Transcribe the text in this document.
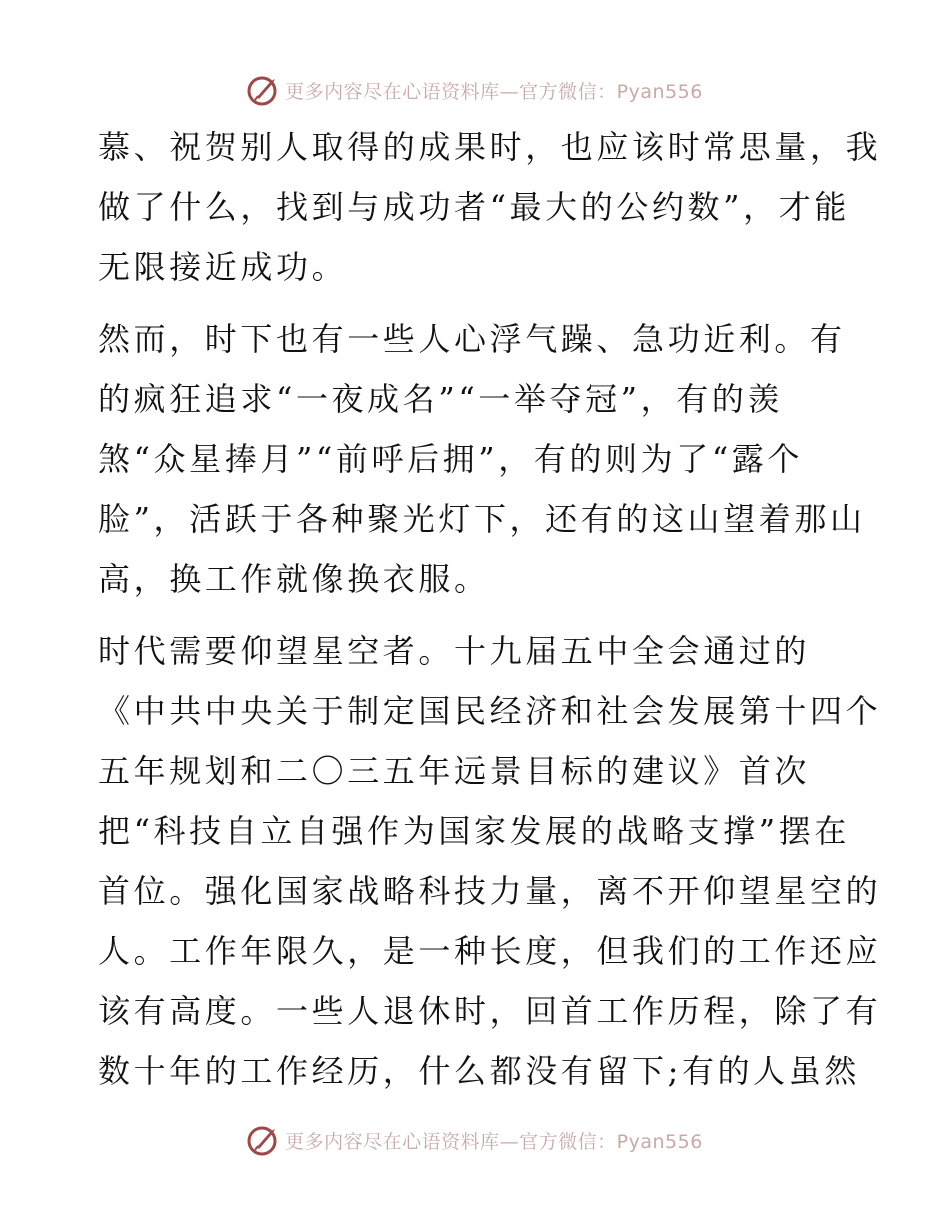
更多内容尽在心语资料库—官方微信：Pyan556
慕、祝贺别人取得的成果时，也应该时常思量，我
做了什么，找到与成功者“最大的公约数”，才能
无限接近成功。
然而，时下也有一些人心浮气躁、急功近利。有
的疯狂追求“一夜成名”“一举夺冠”，有的羡
煞“众星捧月”“前呼后拥”，有的则为了“露个
脸”，活跃于各种聚光灯下，还有的这山望着那山
高，换工作就像换衣服。
时代需要仰望星空者。十九届五中全会通过的
《中共中央关于制定国民经济和社会发展第十四个
五年规划和二〇三五年远景目标的建议》首次
把“科技自立自强作为国家发展的战略支撑”摆在
首位。强化国家战略科技力量，离不开仰望星空的
人。工作年限久，是一种长度，但我们的工作还应
该有高度。一些人退休时，回首工作历程，除了有
数十年的工作经历，什么都没有留下;有的人虽然
更多内容尽在心语资料库—官方微信：Pyan556
